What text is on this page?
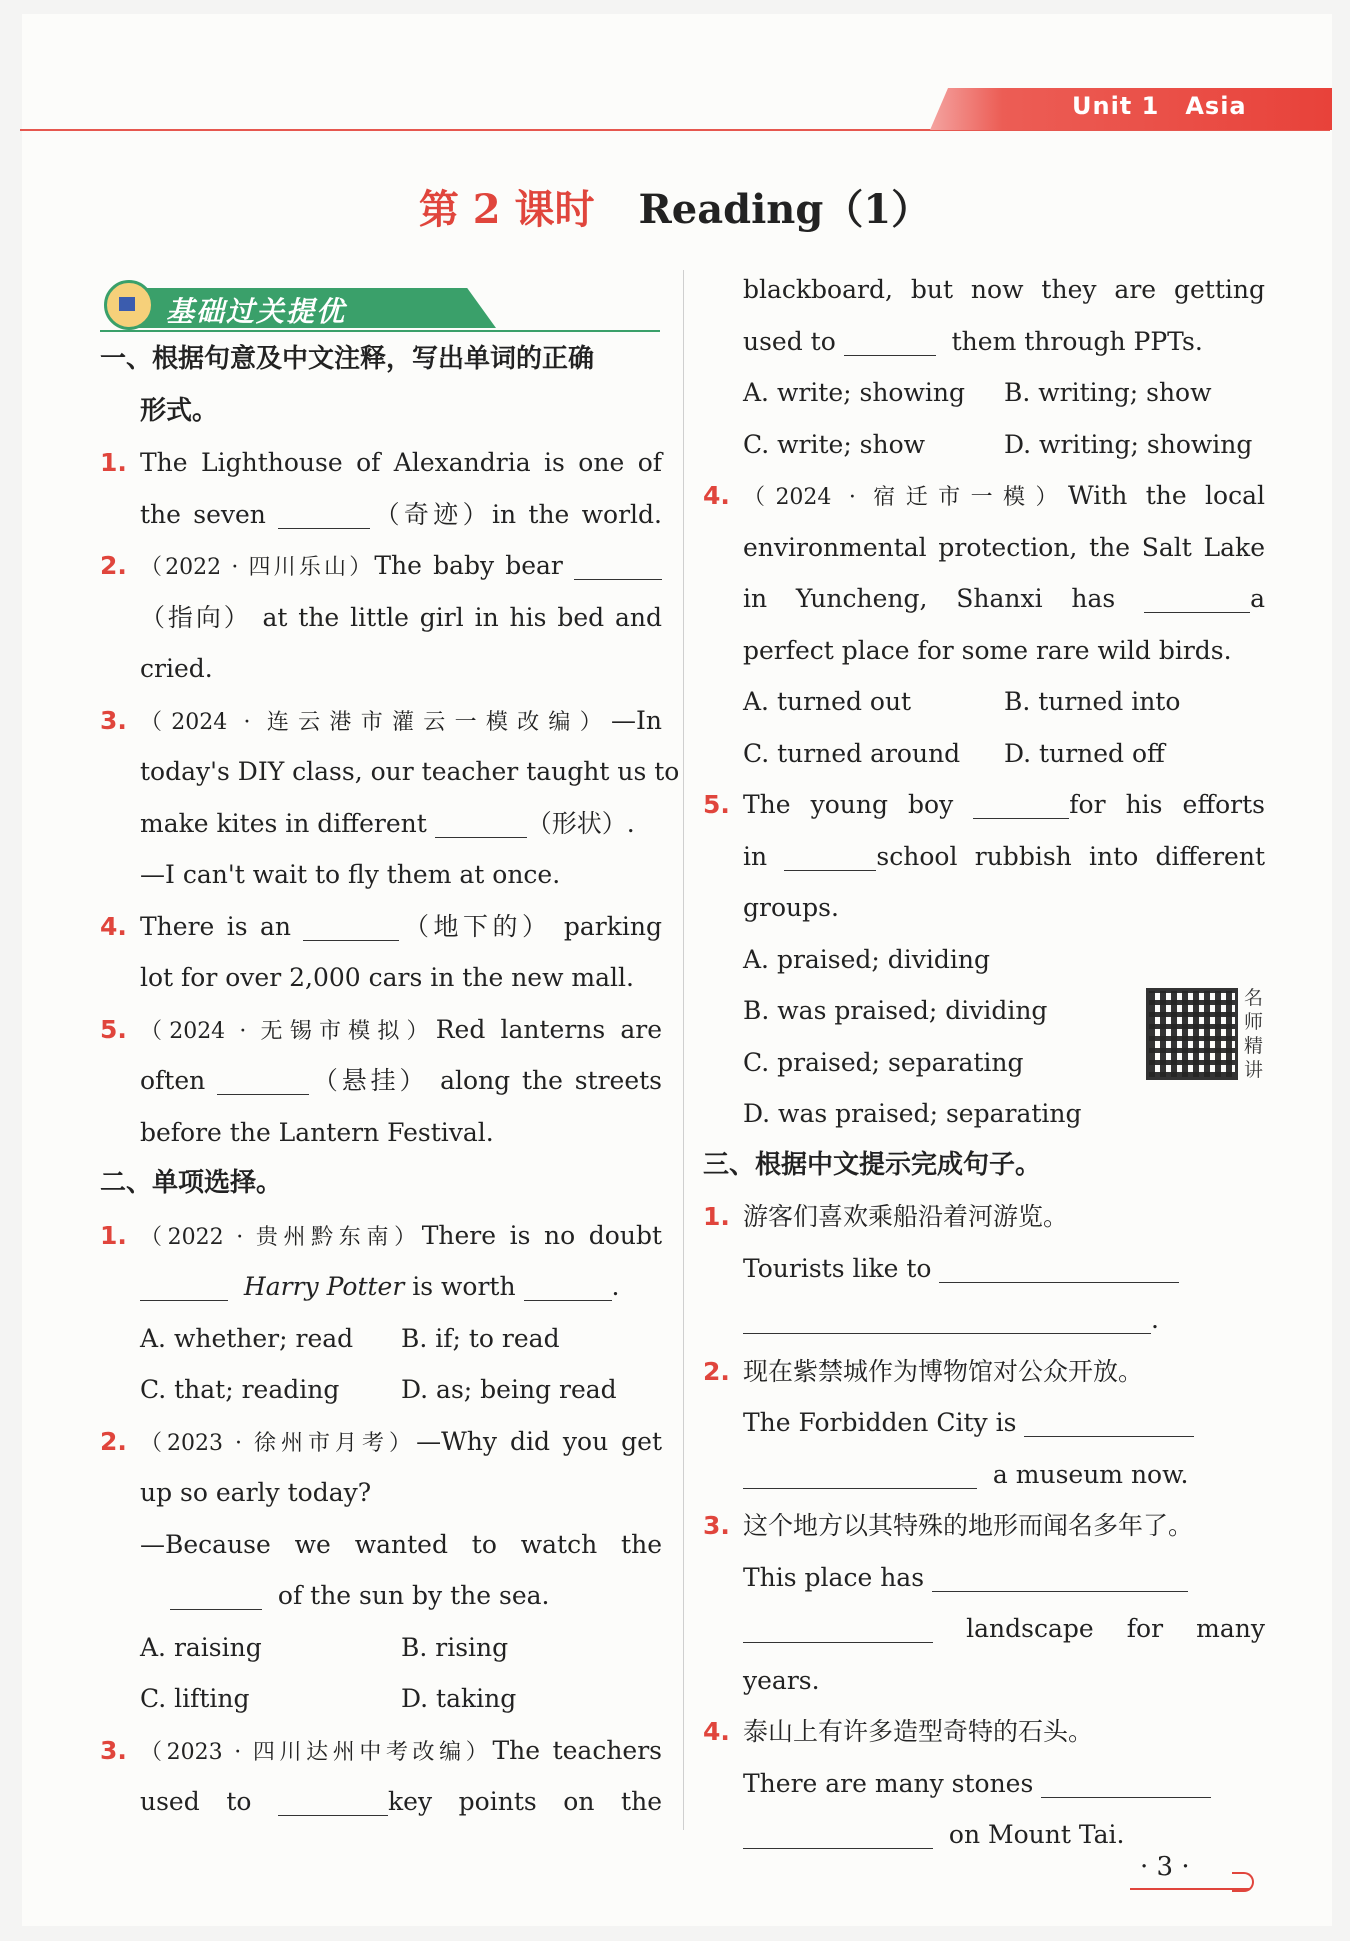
Unit 1 Asia
第 2 课时 Reading（1）
基础过关提优
一、根据句意及中文注释，写出单词的正确
形式。
1. The Lighthouse of Alexandria is one of
the seven	（奇迹）in the world.
2. （2022 · 四川乐山）The baby bear
（指向） at the little girl in his bed and
cried.
3. （2024 · 连云港市灌云一模改编）—In
today's DIY class, our teacher taught us to
make kites in different	（形状）.
—I can't wait to fly them at once.
4. There is an	（地下的） parking
lot for over 2,000 cars in the new mall.
5. （2024 · 无锡市模拟）Red lanterns are
often	（悬挂） along the streets
before the Lantern Festival.
二、单项选择。
1. （2022 · 贵州黔东南）There is no doubt
Harry Potter is worth	.
A. whether; read	B. if; to read
C. that; reading	D. as; being read
2. （2023 · 徐州市月考）—Why did you get
up so early today?
—Because we wanted to watch the
of the sun by the sea.
A. raising	B. rising
C. lifting	D. taking
3. （2023 · 四川达州中考改编）The teachers
used to	key points on the
blackboard, but now they are getting
used to	them through PPTs.
A. write; showing	B. writing; show
C. write; show	D. writing; showing
4. （2024 · 宿迁市一模）With the local
environmental protection, the Salt Lake
in Yuncheng, Shanxi has	a
perfect place for some rare wild birds.
A. turned out	B. turned into
C. turned around	D. turned off
5. The young boy	for his efforts
in	school rubbish into different
groups.
A. praised; dividing
B. was praised; dividing
C. praised; separating
D. was praised; separating
三、根据中文提示完成句子。
1. 游客们喜欢乘船沿着河游览。
Tourists like to
.
2. 现在紫禁城作为博物馆对公众开放。
The Forbidden City is
a museum now.
3. 这个地方以其特殊的地形而闻名多年了。
This place has
landscape for many
years.
4. 泰山上有许多造型奇特的石头。
There are many stones
on Mount Tai.
名师精讲
· 3 ·
